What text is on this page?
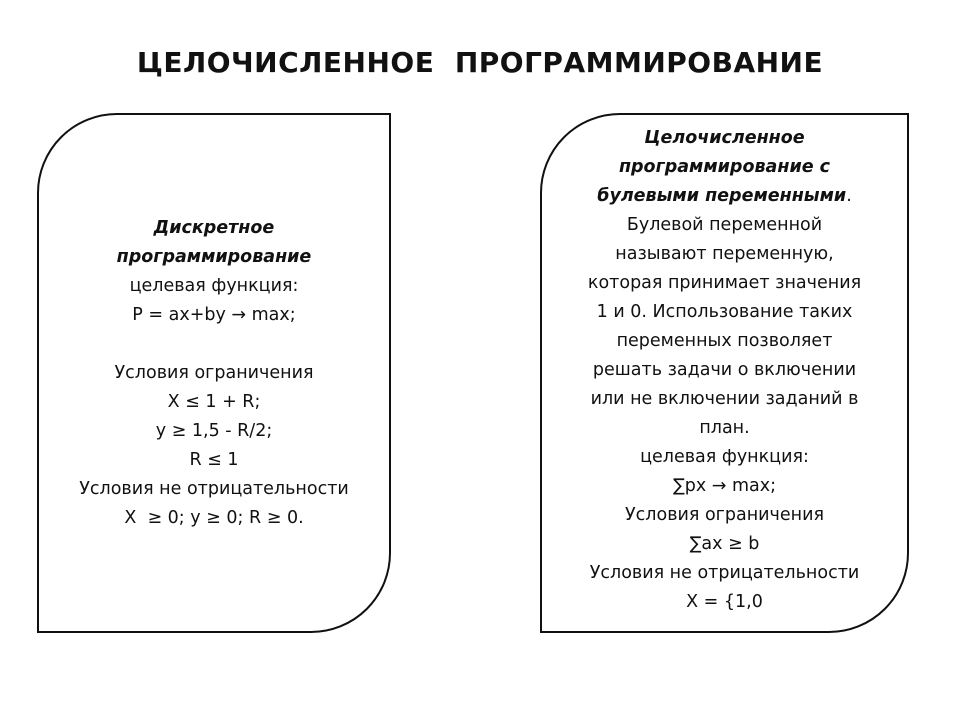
ЦЕЛОЧИСЛЕННОЕ  ПРОГРАММИРОВАНИЕ
Дискретное
программирование
целевая функция:
P = ax+by → max;
Условия ограничения
X ≤ 1 + R;
y ≥ 1,5 - R/2;
R ≤ 1
Условия не отрицательности
X  ≥ 0; y ≥ 0; R ≥ 0.
Целочисленное
программирование с
булевыми переменными.
Булевой переменной
называют переменную,
которая принимает значения
1 и 0. Использование таких
переменных позволяет
решать задачи о включении
или не включении заданий в
план.
целевая функция:
∑px → max;
Условия ограничения
∑ax ≥ b
Условия не отрицательности
X = {1,0
